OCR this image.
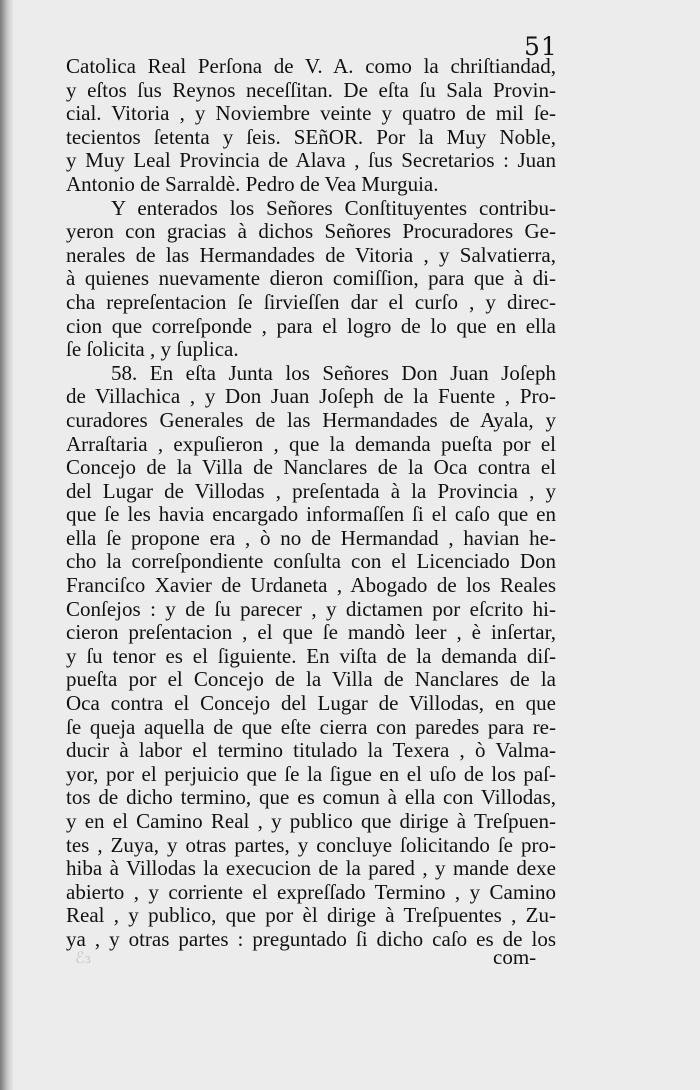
51
Catolica Real Perſona de V. A. como la chriſtiandad,
y eſtos ſus Reynos neceſſitan. De eſta ſu Sala Provin-
cial. Vitoria , y Noviembre veinte y quatro de mil ſe-
tecientos ſetenta y ſeis. SEñOR. Por la Muy Noble,
y Muy Leal Provincia de Alava , ſus Secretarios : Juan
Antonio de Sarraldè. Pedro de Vea Murguia.
Y enterados los Señores Conſtituyentes contribu-
yeron con gracias à dichos Señores Procuradores Ge-
nerales de las Hermandades de Vitoria , y Salvatierra,
à quienes nuevamente dieron comiſſion, para que à di-
cha repreſentacion ſe ſirvieſſen dar el curſo , y direc-
cion que correſponde , para el logro de lo que en ella
ſe ſolicita , y ſuplica.
58. En eſta Junta los Señores Don Juan Joſeph
de Villachica , y Don Juan Joſeph de la Fuente , Pro-
curadores Generales de las Hermandades de Ayala, y
Arraſtaria , expuſieron , que la demanda pueſta por el
Concejo de la Villa de Nanclares de la Oca contra el
del Lugar de Villodas , preſentada à la Provincia , y
que ſe les havia encargado informaſſen ſi el caſo que en
ella ſe propone era , ò no de Hermandad , havian he-
cho la correſpondiente conſulta con el Licenciado Don
Franciſco Xavier de Urdaneta , Abogado de los Reales
Conſejos : y de ſu parecer , y dictamen por eſcrito hi-
cieron preſentacion , el que ſe mandò leer , è inſertar,
y ſu tenor es el ſiguiente. En viſta de la demanda diſ-
pueſta por el Concejo de la Villa de Nanclares de la
Oca contra el Concejo del Lugar de Villodas, en que
ſe queja aquella de que eſte cierra con paredes para re-
ducir à labor el termino titulado la Texera , ò Valma-
yor, por el perjuicio que ſe la ſigue en el uſo de los paſ-
tos de dicho termino, que es comun à ella con Villodas,
y en el Camino Real , y publico que dirige à Treſpuen-
tes , Zuya, y otras partes, y concluye ſolicitando ſe pro-
hiba à Villodas la execucion de la pared , y mande dexe
abierto , y corriente el expreſſado Termino , y Camino
Real , y publico, que por èl dirige à Treſpuentes , Zu-
ya , y otras partes : preguntado ſi dicho caſo es de los
com-
ℰ₃
